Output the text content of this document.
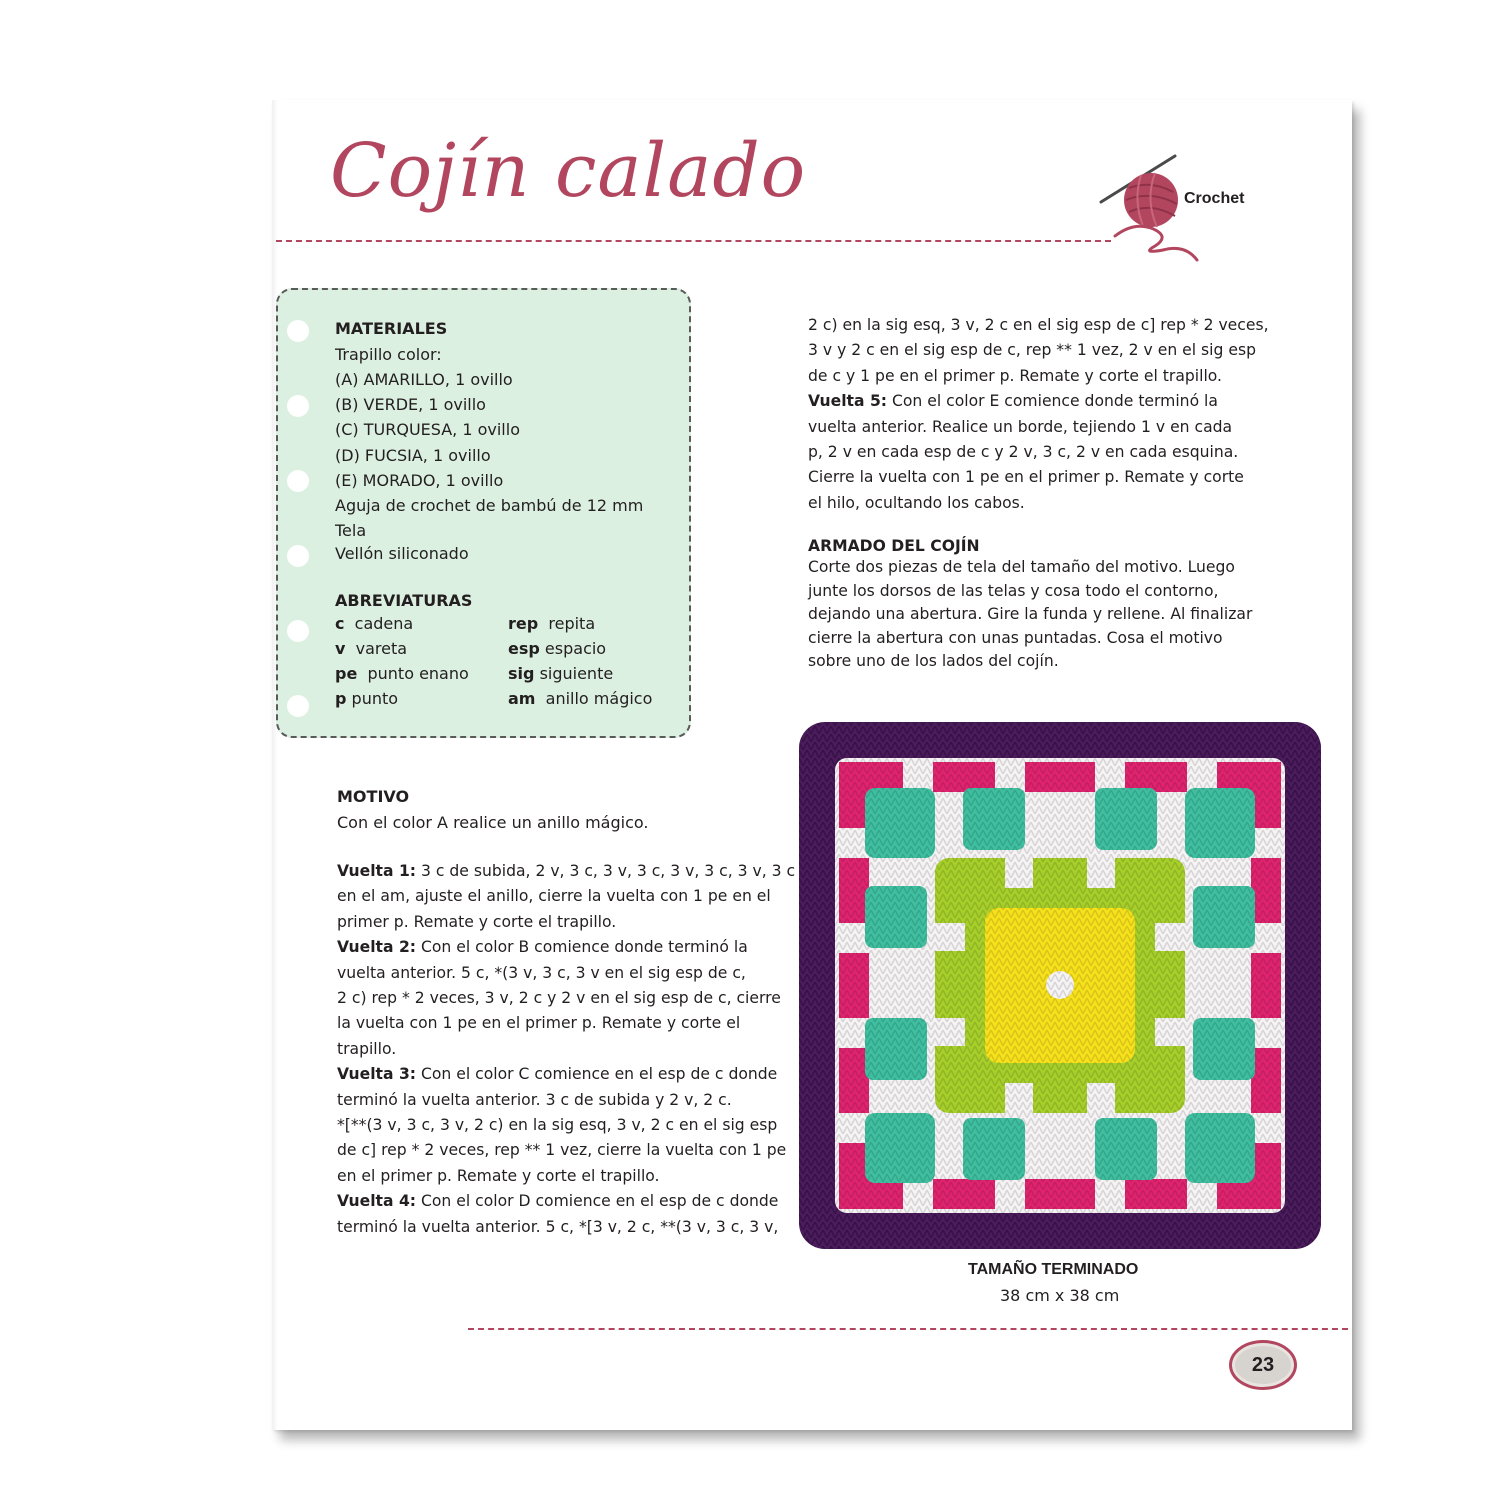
Cojín calado	Crochet
MATERIALES
Trapillo color:
(A) AMARILLO, 1 ovillo
(B) VERDE, 1 ovillo
(C) TURQUESA, 1 ovillo
(D) FUCSIA, 1 ovillo
(E) MORADO, 1 ovillo
Aguja de crochet de bambú de 12 mm
Tela
Vellón siliconado
ABREVIATURAS
c cadena
v vareta
pe punto enano
p punto
rep repita
esp espacio
sig siguiente
am anillo mágico
MOTIVO
Con el color A realice un anillo mágico.

Vuelta 1: 3 c de subida, 2 v, 3 c, 3 v, 3 c, 3 v, 3 c, 3 v, 3 c

en el am, ajuste el anillo, cierre la vuelta con 1 pe en el

primer p. Remate y corte el trapillo.

Vuelta 2: Con el color B comience donde terminó la

vuelta anterior. 5 c, *(3 v, 3 c, 3 v en el sig esp de c,

2 c) rep * 2 veces, 3 v, 2 c y 2 v en el sig esp de c, cierre

la vuelta con 1 pe en el primer p. Remate y corte el

trapillo.

Vuelta 3: Con el color C comience en el esp de c donde

terminó la vuelta anterior. 3 c de subida y 2 v, 2 c.

*[**(3 v, 3 c, 3 v, 2 c) en la sig esq, 3 v, 2 c en el sig esp

de c] rep * 2 veces, rep ** 1 vez, cierre la vuelta con 1 pe

en el primer p. Remate y corte el trapillo.

Vuelta 4: Con el color D comience en el esp de c donde

terminó la vuelta anterior. 5 c, *[3 v, 2 c, **(3 v, 3 c, 3 v,

2 c) en la sig esq, 3 v, 2 c en el sig esp de c] rep * 2 veces,

3 v y 2 c en el sig esp de c, rep ** 1 vez, 2 v en el sig esp

de c y 1 pe en el primer p. Remate y corte el trapillo.

Vuelta 5: Con el color E comience donde terminó la

vuelta anterior. Realice un borde, tejiendo 1 v en cada

p, 2 v en cada esp de c y 2 v, 3 c, 2 v en cada esquina.

Cierre la vuelta con 1 pe en el primer p. Remate y corte

el hilo, ocultando los cabos.

ARMADO DEL COJÍN

Corte dos piezas de tela del tamaño del motivo. Luego

junte los dorsos de las telas y cosa todo el contorno,

dejando una abertura. Gire la funda y rellene. Al finalizar

cierre la abertura con unas puntadas. Cosa el motivo

sobre uno de los lados del cojín.

TAMAÑO TERMINADO
38 cm x 38 cm
23
